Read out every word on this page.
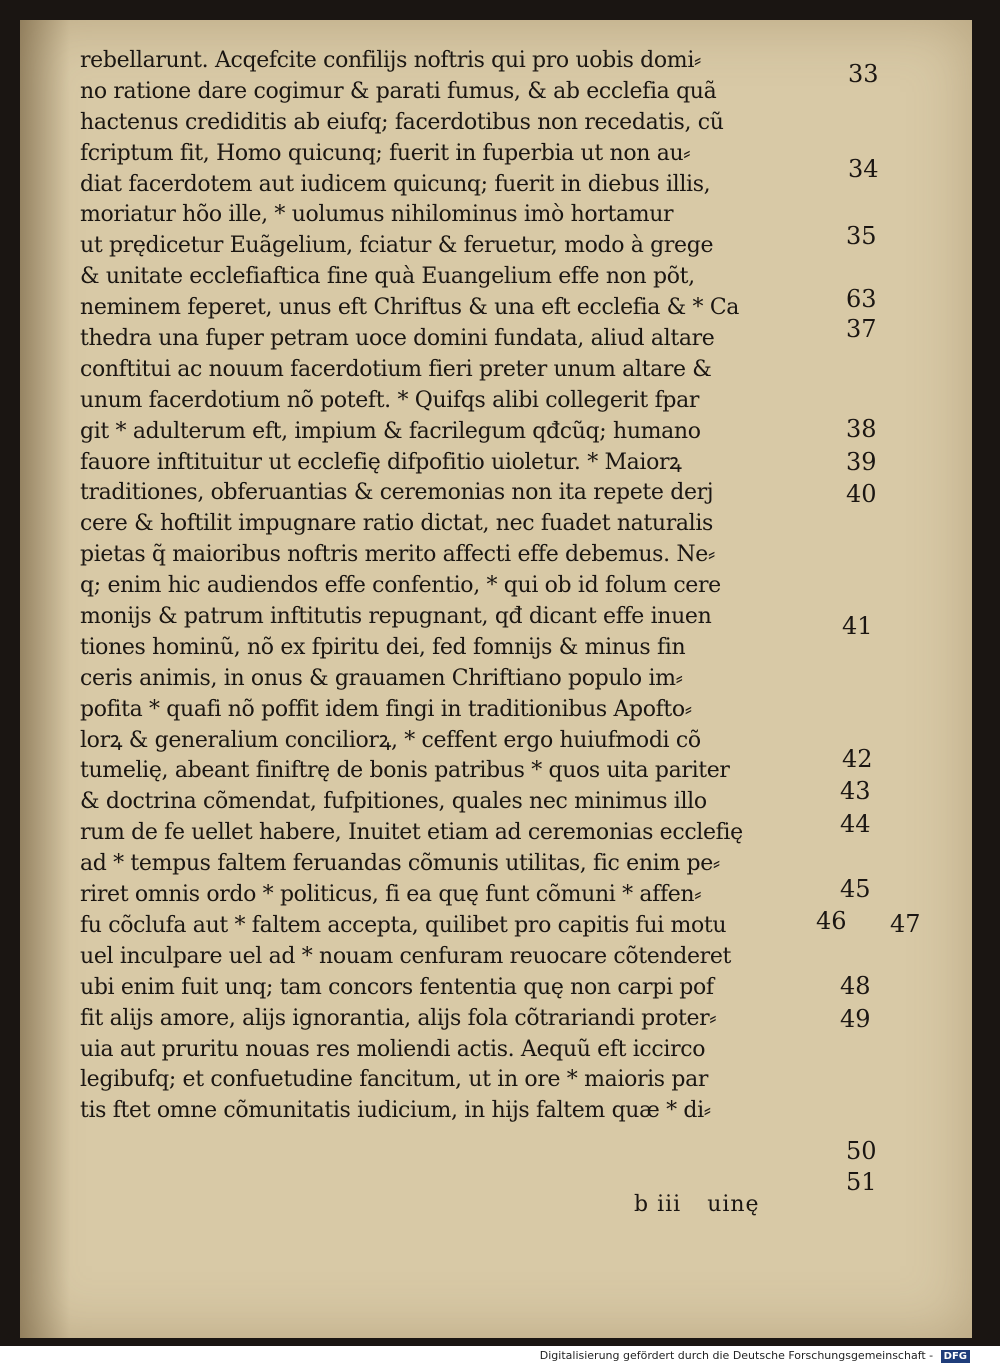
rebellarunt. Acqefcite confilijs noftris qui pro uobis domi⸗
no ratione dare cogimur & parati fumus, & ab ecclefia quã
hactenus crediditis ab eiufq; facerdotibus non recedatis, cũ
fcriptum fit, Homo quicunq; fuerit in fuperbia ut non au⸗
diat facerdotem aut iudicem quicunq; fuerit in diebus illis,
moriatur hõo ille, * uolumus nihilominus imò hortamur
ut prędicetur Euãgelium, fciatur & feruetur, modo à grege
& unitate ecclefiaftica fine quà Euangelium effe non põt,
neminem feperet, unus eft Chriftus & una eft ecclefia & * Ca
thedra una fuper petram uoce domini fundata, aliud altare
conftitui ac nouum facerdotium fieri preter unum altare &
unum facerdotium nõ poteft. * Quifqs alibi collegerit fpar
git * adulterum eft, impium & facrilegum qđcũq; humano
fauore inftituitur ut ecclefię difpofitio uioletur. * Maiorꝝ
traditiones, obferuantias & ceremonias non ita repete derj
cere & hoftilit impugnare ratio dictat, nec fuadet naturalis
pietas q̃ maioribus noftris merito affecti effe debemus. Ne⸗
q; enim hic audiendos effe confentio, * qui ob id folum cere
monijs & patrum inftitutis repugnant, qđ dicant effe inuen
tiones hominũ, nõ ex fpiritu dei, fed fomnijs & minus fin
ceris animis, in onus & grauamen Chriftiano populo im⸗
pofita * quafi nõ poffit idem fingi in traditionibus Apofto⸗
lorꝝ & generalium conciliorꝝ, * ceffent ergo huiufmodi cõ
tumelię, abeant finiftrę de bonis patribus * quos uita pariter
& doctrina cõmendat, fufpitiones, quales nec minimus illo
rum de fe uellet habere, Inuitet etiam ad ceremonias ecclefię
ad * tempus faltem feruandas cõmunis utilitas, fic enim pe⸗
riret omnis ordo * politicus, fi ea quę funt cõmuni * affen⸗
fu cõclufa aut * faltem accepta, quilibet pro capitis fui motu
uel inculpare uel ad * nouam cenfuram reuocare cõtenderet
ubi enim fuit unq; tam concors fententia quę non carpi pof
fit alijs amore, alijs ignorantia, alijs fola cõtrariandi proter⸗
uia aut pruritu nouas res moliendi actis. Aequũ eft iccirco
legibufq; et confuetudine fancitum, ut in ore * maioris par
tis ftet omne cõmunitatis iudicium, in hijs faltem quæ * di⸗
33
34
35
63
37
38
39
40
41
42
43
44
45
46 47
48
49
50
51
b iii uinę
Digitalisierung gefördert durch die Deutsche Forschungsgemeinschaft - DFG
